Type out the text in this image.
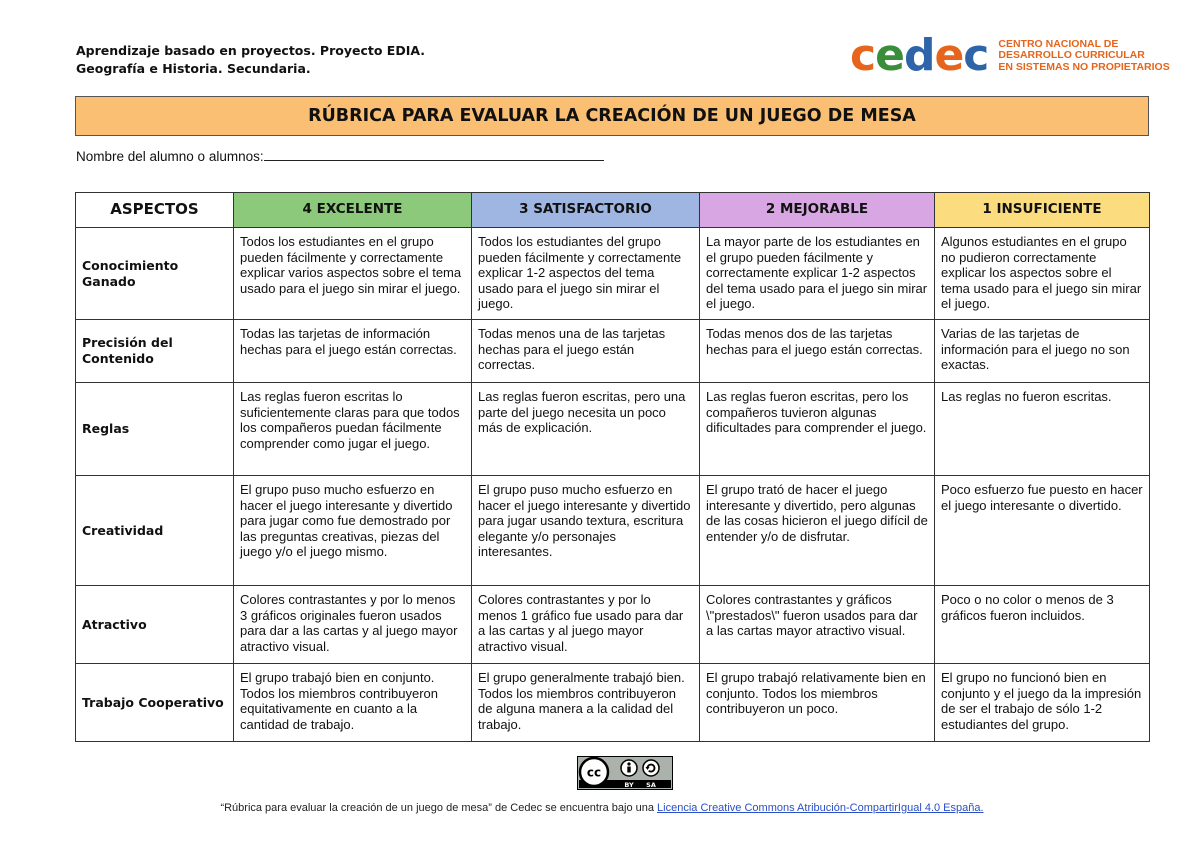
Aprendizaje basado en proyectos. Proyecto EDIA.
Geografía e Historia. Secundaria.	cedec CENTRO NACIONAL DE
DESARROLLO CURRICULAR
EN SISTEMAS NO PROPIETARIOS
RÚBRICA PARA EVALUAR LA CREACIÓN DE UN JUEGO DE MESA
Nombre del alumno o alumnos:
ASPECTOS	4 EXCELENTE	3 SATISFACTORIO	2 MEJORABLE	1 INSUFICIENTE
Conocimiento Ganado	Todos los estudiantes en el grupo pueden fácilmente y correctamente explicar varios aspectos sobre el tema usado para el juego sin mirar el juego.	Todos los estudiantes del grupo pueden fácilmente y correctamente explicar 1-2 aspectos del tema usado para el juego sin mirar el juego.	La mayor parte de los estudiantes en el grupo pueden fácilmente y correctamente explicar 1-2 aspectos del tema usado para el juego sin mirar el juego.	Algunos estudiantes en el grupo no pudieron correctamente explicar los aspectos sobre el tema usado para el juego sin mirar el juego.
Precisión del Contenido	Todas las tarjetas de información hechas para el juego están correctas.	Todas menos una de las tarjetas hechas para el juego están correctas.	Todas menos dos de las tarjetas hechas para el juego están correctas.	Varias de las tarjetas de información para el juego no son exactas.
Reglas	Las reglas fueron escritas lo suficientemente claras para que todos los compañeros puedan fácilmente comprender como jugar el juego.	Las reglas fueron escritas, pero una parte del juego necesita un poco más de explicación.	Las reglas fueron escritas, pero los compañeros tuvieron algunas dificultades para comprender el juego.	Las reglas no fueron escritas.
Creatividad	El grupo puso mucho esfuerzo en hacer el juego interesante y divertido para jugar como fue demostrado por las preguntas creativas, piezas del juego y/o el juego mismo.	El grupo puso mucho esfuerzo en hacer el juego interesante y divertido para jugar usando textura, escritura elegante y/o personajes interesantes.	El grupo trató de hacer el juego interesante y divertido, pero algunas de las cosas hicieron el juego difícil de entender y/o de disfrutar.	Poco esfuerzo fue puesto en hacer el juego interesante o divertido.
Atractivo	Colores contrastantes y por lo menos 3 gráficos originales fueron usados para dar a las cartas y al juego mayor atractivo visual.	Colores contrastantes y por lo menos 1 gráfico fue usado para dar a las cartas y al juego mayor atractivo visual.	Colores contrastantes y gráficos \"prestados\" fueron usados para dar a las cartas mayor atractivo visual.	Poco o no color o menos de 3 gráficos fueron incluidos.
Trabajo Cooperativo	El grupo trabajó bien en conjunto. Todos los miembros contribuyeron equitativamente en cuanto a la cantidad de trabajo.	El grupo generalmente trabajó bien. Todos los miembros contribuyeron de alguna manera a la calidad del trabajo.	El grupo trabajó relativamente bien en conjunto. Todos los miembros contribuyeron un poco.	El grupo no funcionó bien en conjunto y el juego da la impresión de ser el trabajo de sólo 1-2 estudiantes del grupo.
cc
BY SA
“Rúbrica para evaluar la creación de un juego de mesa” de Cedec se encuentra bajo una Licencia Creative Commons Atribución-CompartirIgual 4.0 España.
